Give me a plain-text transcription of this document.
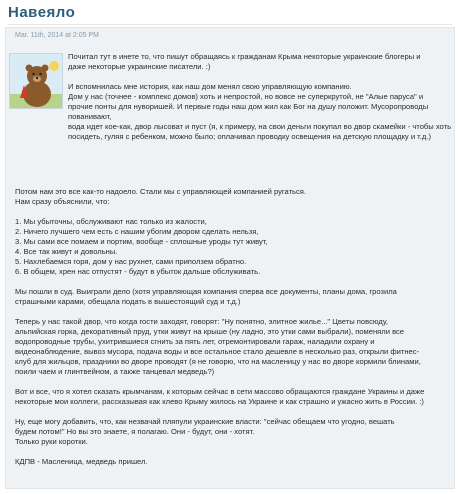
Навеяло
Mar. 11th, 2014 at 2:05 PM

Почитал тут в инете то, что пишут обращаясь к гражданам Крыма некоторые украинские блогеры и

даже некоторые украинские писатели. :)

И вспомнилась мне история, как наш дом менял свою управляющую компанию.

Дом у нас (точнее - комплекс домов) хоть и непростой, но вовсе не суперкрутой, не "Алые паруса" и

прочие понты для нуворишей. И первые годы наш дом жил как Бог на душу положит. Мусоропроводы пованивают,

вода идет кое-как, двор лысоват и пуст (я, к примеру, на свои деньги покупал во двор скамейки - чтобы хоть

посидеть, гуляя с ребенком, можно было; оплачивал проводку освещения на детскую площадку и т.д.)

Потом нам это все как-то надоело. Стали мы с управляющей компанией ругаться.

Нам сразу объяснили, что:

1. Мы убыточны, обслуживают нас только из жалости,

2. Ничего лучшего чем есть с нашим убогим двором сделать нельзя,

3. Мы сами все помаем и портим, вообще - сплошные уроды тут живут,

4. Все так живут и довольны.

5. Нахлебаемся горя, дом у нас рухнет, сами приползем обратно.

6. В общем, хрен нас отпустят - будут в убыток дальше обслуживать.

Мы пошли в суд. Выиграли дело (хотя управляющая компания сперва все документы, планы дома, грозила

страшными карами, обещала подать в вышестоящий суд и т.д.)

Теперь у нас такой двор, что когда гости заходят, говорят: "Ну понятно, элитное жилье..." Цветы повсюду,

альпийская горка, декоративный пруд, утки живут на крыше (ну ладно, это утки сами выбрали), поменяли все

водопроводные трубы, ухитрившиеся сгнить за пять лет, отремонтировали гараж, наладили охрану и

видеонаблюдение, вывоз мусора, подача воды и все остальное стало дешевле в несколько раз, открыли фитнес-

клуб для жильцов, праздники во дворе проводят (я не говорю, что на масленицу у нас во дворе кормили блинами,

поили чаем и глинтвейном, а также танцевал медведь?)

Вот и все, что я хотел сказать крымчанам, к которым сейчас в сети массово обращаются граждане Украины и даже

некоторые мои коллеги, рассказывая как клево Крыму жилось на Украине и как страшно и ужасно жить в России. :)

Ну, еще могу добавить, что, как незвачай пляпули украинские власти: "сейчас обещаем что угодно, вешать

будем потом!" Но вы это знаете, я полагаю. Они - будут, они - хотят.

Только руки коротки.

КДПВ - Масленица, медведь пришел.
